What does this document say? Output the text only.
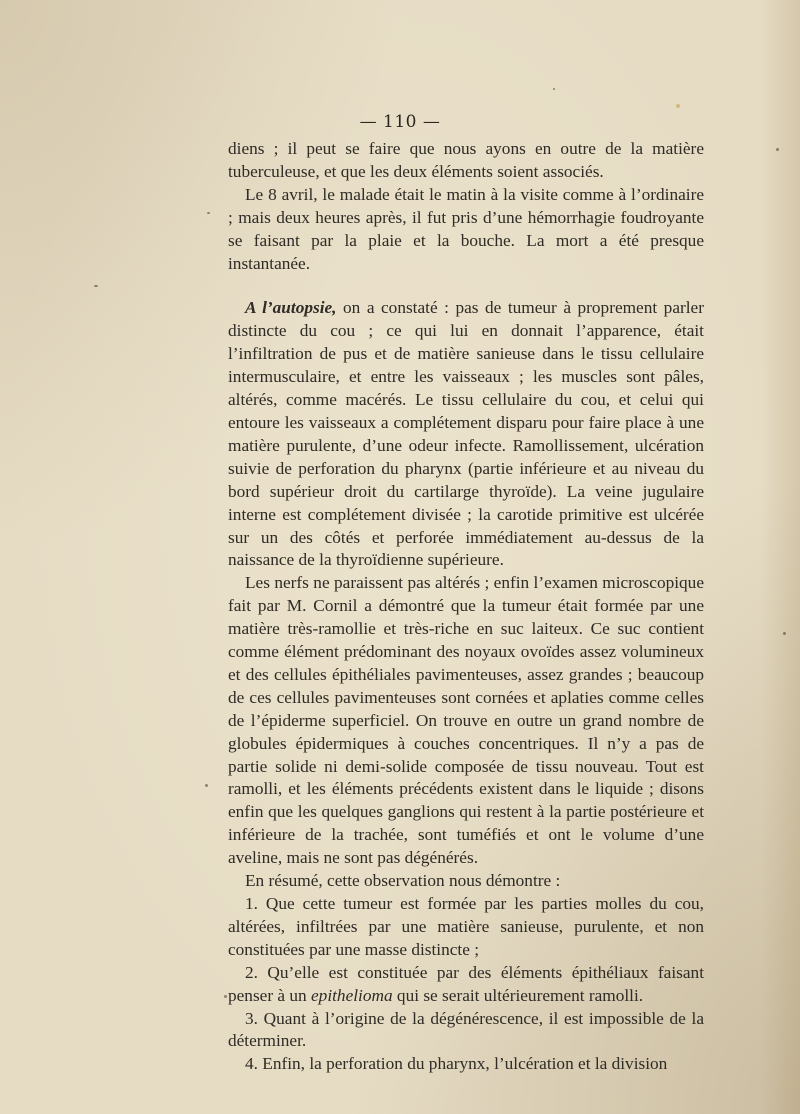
— 110 —

diens ; il peut se faire que nous ayons en outre de la matière tuberculeuse, et que les deux éléments soient associés.

Le 8 avril, le malade était le matin à la visite comme à l’ordinaire ; mais deux heures après, il fut pris d’une hémorrhagie foudroyante se faisant par la plaie et la bouche. La mort a été presque instantanée.

A l’autopsie, on a constaté : pas de tumeur à proprement parler distincte du cou ; ce qui lui en donnait l’apparence, était l’infiltration de pus et de matière sanieuse dans le tissu cellulaire intermusculaire, et entre les vaisseaux ; les muscles sont pâles, altérés, comme macérés. Le tissu cellulaire du cou, et celui qui entoure les vaisseaux a complétement disparu pour faire place à une matière purulente, d’une odeur infecte. Ramollissement, ulcération suivie de perforation du pharynx (partie inférieure et au niveau du bord supérieur droit du cartilarge thyroïde). La veine jugulaire interne est complétement divisée ; la carotide primitive est ulcérée sur un des côtés et perforée immédiatement au-dessus de la naissance de la thyroïdienne supérieure.

Les nerfs ne paraissent pas altérés ; enfin l’examen microscopique fait par M. Cornil a démontré que la tumeur était formée par une matière très-ramollie et très-riche en suc laiteux. Ce suc contient comme élément prédominant des noyaux ovoïdes assez volumineux et des cellules épithéliales pavimenteuses, assez grandes ; beaucoup de ces cellules pavimenteuses sont cornées et aplaties comme celles de l’épiderme superficiel. On trouve en outre un grand nombre de globules épidermiques à couches concentriques. Il n’y a pas de partie solide ni demi-solide composée de tissu nouveau. Tout est ramolli, et les éléments précédents existent dans le liquide ; disons enfin que les quelques ganglions qui restent à la partie postérieure et inférieure de la trachée, sont tuméfiés et ont le volume d’une aveline, mais ne sont pas dégénérés.

En résumé, cette observation nous démontre :

1. Que cette tumeur est formée par les parties molles du cou, altérées, infiltrées par une matière sanieuse, purulente, et non constituées par une masse distincte ;

2. Qu’elle est constituée par des éléments épithéliaux faisant penser à un epithelioma qui se serait ultérieurement ramolli.

3. Quant à l’origine de la dégénérescence, il est impossible de la déterminer.

4. Enfin, la perforation du pharynx, l’ulcération et la division
